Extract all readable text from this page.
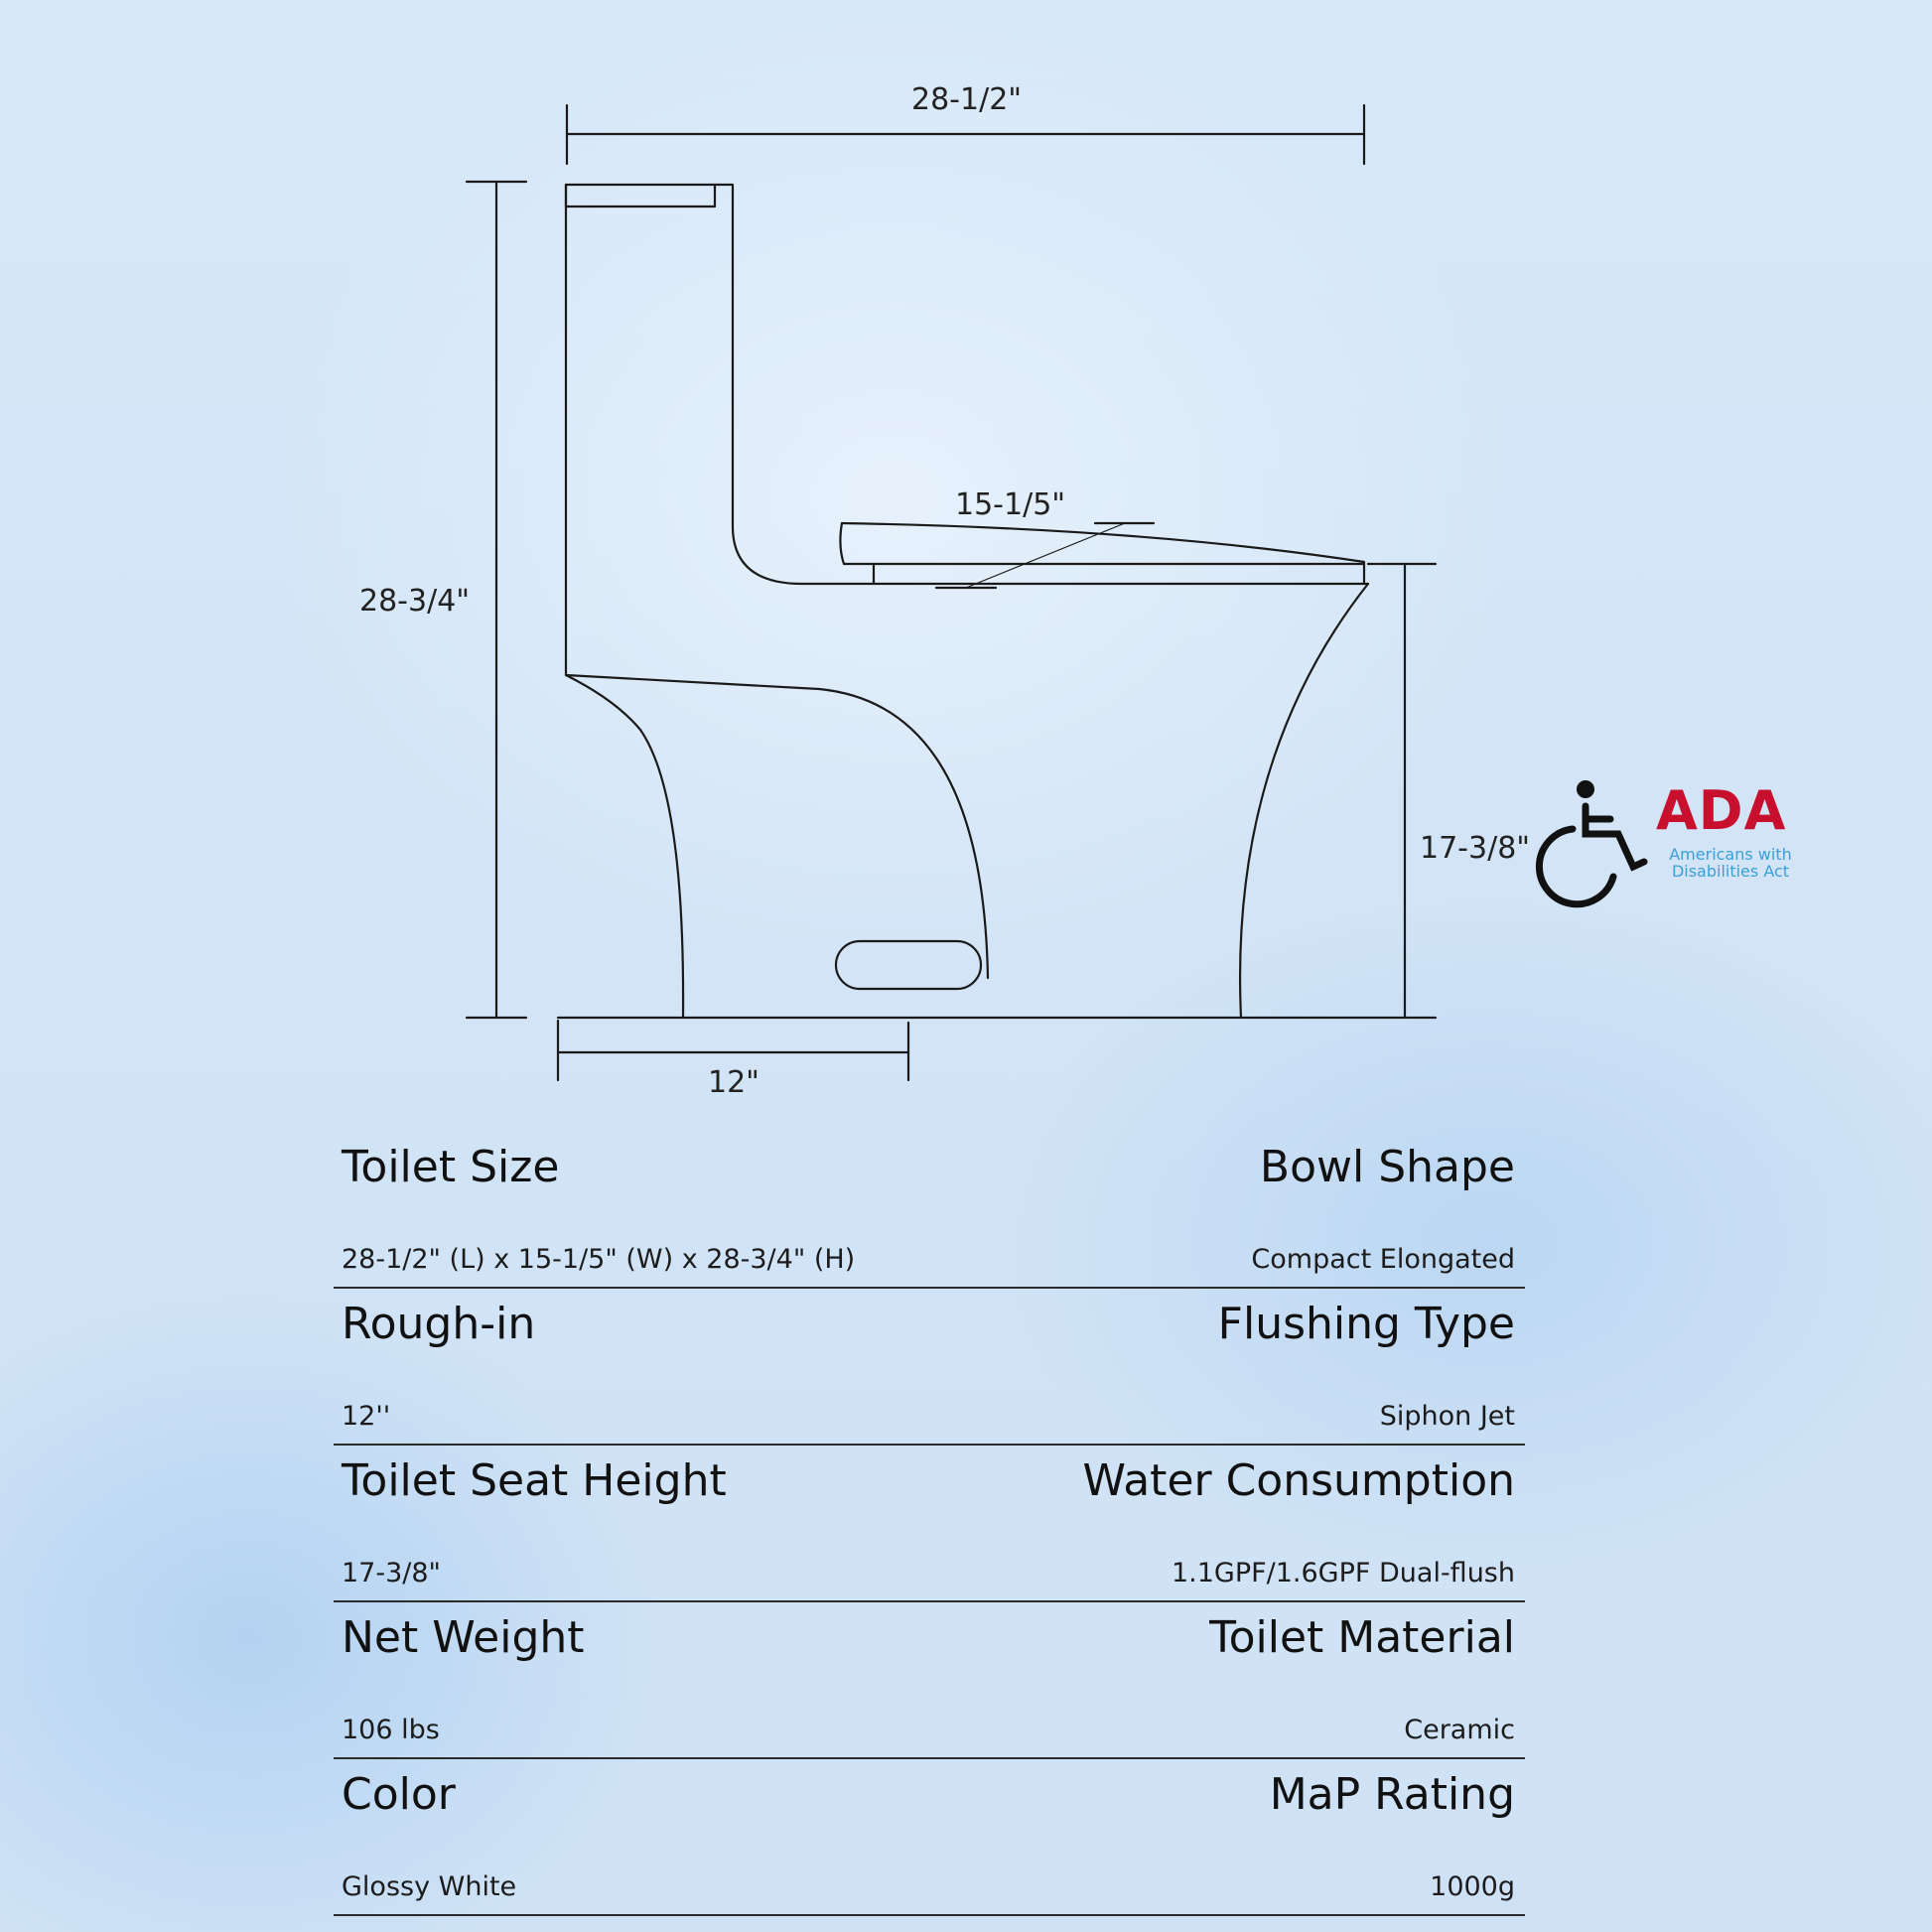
28-1/2"
28-3/4"
15-1/5"
17-3/8"
12"
ADA
Americans with Disabilities Act
Toilet Size
28-1/2" (L) x 15-1/5" (W) x 28-3/4" (H)
Bowl Shape
Compact Elongated
Rough-in
12''
Flushing Type
Siphon Jet
Toilet Seat Height
17-3/8"
Water Consumption
1.1GPF/1.6GPF Dual-flush
Net Weight
106 lbs
Toilet Material
Ceramic
Color
Glossy White
MaP Rating
1000g
